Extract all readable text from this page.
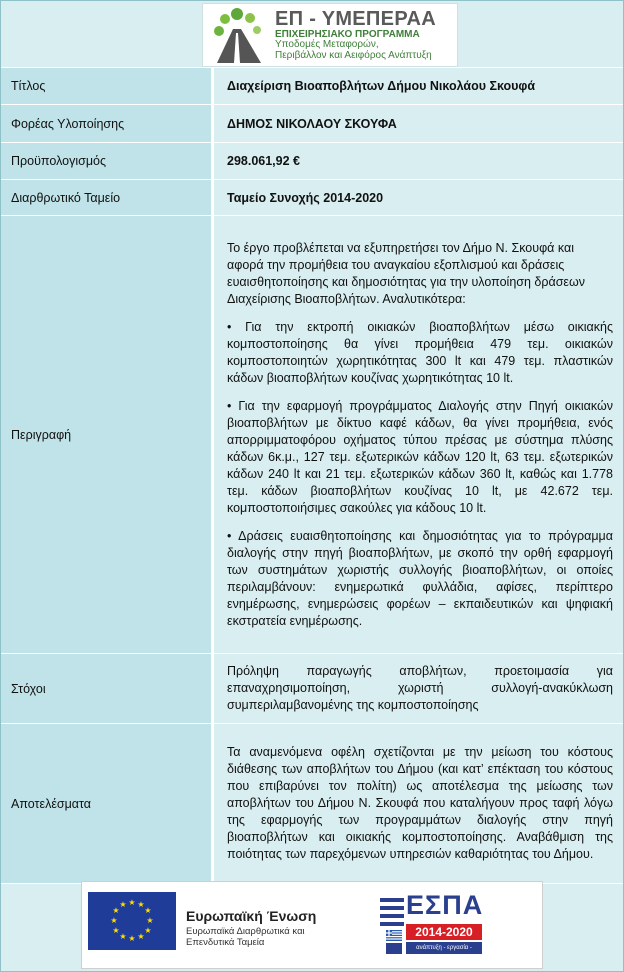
ΕΠ - ΥΜΕΠΕΡΑΑ
ΕΠΙΧΕΙΡΗΣΙΑΚΟ ΠΡΟΓΡΑΜΜΑ
Υποδομές Μεταφορών,
Περιβάλλον και Αειφόρος Ανάπτυξη
Τίτλος	Διαχείριση Βιοαποβλήτων Δήμου Νικολάου Σκουφά
Φορέας Υλοποίησης	ΔΗΜΟΣ ΝΙΚΟΛΑΟΥ ΣΚΟΥΦΑ
Προϋπολογισμός	298.061,92 €
Διαρθρωτικό Ταμείο	Ταμείο Συνοχής 2014-2020
Περιγραφή	Το έργο προβλέπεται να εξυπηρετήσει τον Δήμο Ν. Σκουφά και αφορά την προμήθεια του αναγκαίου εξοπλισμού και δράσεις ευαισθητοποίησης και δημοσιότητας για την υλοποίηση δράσεων Διαχείρισης Βιοαποβλήτων. Αναλυτικότερα:

• Για την εκτροπή οικιακών βιοαποβλήτων μέσω οικιακής κομποστοποίησης θα γίνει προμήθεια 479 τεμ. οικιακών κομποστοποιητών χωρητικότητας 300 lt και 479 τεμ. πλαστικών κάδων βιοαποβλήτων κουζίνας χωρητικότητας 10 lt.

• Για την εφαρμογή προγράμματος Διαλογής στην Πηγή οικιακών βιοαποβλήτων με δίκτυο καφέ κάδων, θα γίνει προμήθεια, ενός απορριμματοφόρου οχήματος τύπου πρέσας με σύστημα πλύσης κάδων 6κ.μ., 127 τεμ. εξωτερικών κάδων 120 lt, 63 τεμ. εξωτερικών κάδων 240 lt και 21 τεμ. εξωτερικών κάδων 360 lt, καθώς και 1.778 τεμ. κάδων βιοαποβλήτων κουζίνας 10 lt, με 42.672 τεμ. κομποστοποιήσιμες σακούλες για κάδους 10 lt.

• Δράσεις ευαισθητοποίησης και δημοσιότητας για το πρόγραμμα διαλογής στην πηγή βιοαποβλήτων, με σκοπό την ορθή εφαρμογή των συστημάτων χωριστής συλλογής βιοαποβλήτων, οι οποίες περιλαμβάνουν: ενημερωτικά φυλλάδια, αφίσες, περίπτερο ενημέρωσης, ενημερώσεις φορέων – εκπαιδευτικών και ψηφιακή εκστρατεία ενημέρωσης.

Στόχοι	Πρόληψη παραγωγής αποβλήτων, προετοιμασία για επαναχρησιμοποίηση, χωριστή συλλογή-ανακύκλωση συμπεριλαμβανομένης της κομποστοποίησης

Αποτελέσματα	Τα αναμενόμενα οφέλη σχετίζονται με την μείωση του κόστους διάθεσης των αποβλήτων του Δήμου (και κατ’ επέκταση του κόστους που επιβαρύνει τον πολίτη) ως αποτέλεσμα της μείωσης των αποβλήτων του Δήμου Ν. Σκουφά που καταλήγουν προς ταφή λόγω της εφαρμογής των προγραμμάτων διαλογής στην πηγή βιοαποβλήτων και οικιακής κομποστοποίησης. Αναβάθμιση της ποιότητας των παρεχόμενων υπηρεσιών καθαριότητας του Δήμου.

★ ★
★
★
★
★
★
★
★
★
★
★
Ευρωπαϊκή Ένωση
Ευρωπαϊκά Διαρθρωτικά και Επενδυτικά Ταμεία
ΕΣΠΑ
2014-2020
ανάπτυξη - εργασία - αλληλεγγύη
